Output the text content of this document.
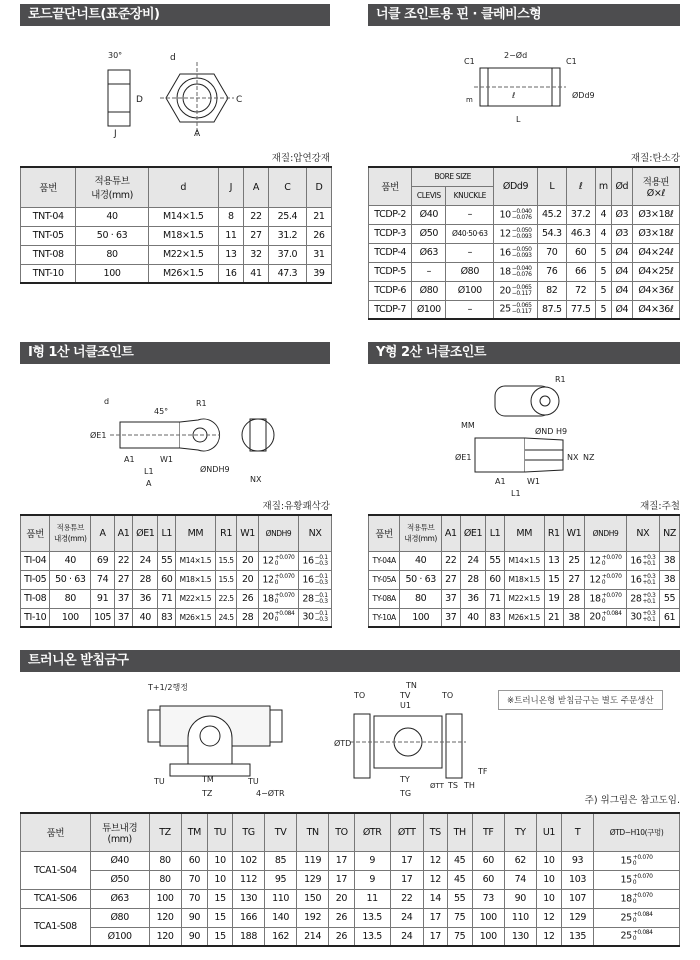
로드끝단너트(표준장비)
30°
D
J
d
C
A
재질:압연강재
품번	적용튜브
내경(mm)	d	J	A	C	D
TNT-04	40	M14×1.5	8	22	25.4	21
TNT-05	50 · 63	M18×1.5	11	27	31.2	26
TNT-08	80	M22×1.5	13	32	37.0	31
TNT-10	100	M26×1.5	16	41	47.3	39
너클 조인트용 핀 · 클레비스형
C1	C1
2−Ød
ℓ
m
L
ØDd9
재질:탄소강
품번	BORE SIZE		ØDd9	L	ℓ	m	Ød	적용핀
Ø×ℓ
	CLEVIS	KNUCKLE						
TCDP-2	Ø40	–	10 −0.040
−0.076	45.2	37.2	4	Ø3	Ø3×18ℓ
TCDP-3	Ø50	Ø40·50·63	12 −0.050
−0.093	54.3	46.3	4	Ø3	Ø3×18ℓ
TCDP-4	Ø63	–	16 −0.050
−0.093	70	60	5	Ø4	Ø4×24ℓ
TCDP-5	–	Ø80	18 −0.040
−0.076	76	66	5	Ø4	Ø4×25ℓ
TCDP-6	Ø80	Ø100	20 −0.065
−0.117	82	72	5	Ø4	Ø4×36ℓ
TCDP-7	Ø100	–	25 −0.065
−0.117	87.5	77.5	5	Ø4	Ø4×36ℓ
I형 1산 너클조인트
d
45°
R1
ØE1
A1	W1
L1
A
ØNDH9
NX
재질:유황쾌삭강
품번	적용튜브
내경(mm)	A	A1	ØE1	L1	MM	R1	W1	ØNDH9	NX
TI-04	40	69	22	24	55	M14×1.5	15.5	20	12 +0.070
0	16 −0.1
−0.3

TI-05	50 · 63	74	27	28	60	M18×1.5	15.5	20	12 +0.070
0	16 −0.1
−0.3

TI-08	80	91	37	36	71	M22×1.5	22.5	26	18 +0.070
0	28 −0.1
−0.3

TI-10	100	105	37	40	83	M26×1.5	24.5	28	20 +0.084
0	30 −0.1
−0.3
Y형 2산 너클조인트
R1
MM
ØE1
ØND H9
NX NZ
A1	W1
L1
재질:주철
품번	적용튜브
내경(mm)	A1	ØE1	L1	MM	R1	W1	ØNDH9	NX	NZ
TY-04A	40	22	24	55	M14×1.5	13	25	12 +0.070
0	16 +0.3
+0.1	38
TY-05A	50 · 63	27	28	60	M18×1.5	15	27	12 +0.070
0	16 +0.3
+0.1	38
TY-08A	80	37	36	71	M22×1.5	19	28	18 +0.070
0	28 +0.3
+0.1	55
TY-10A	100	37	40	83	M26×1.5	21	38	20 +0.084
0	30 +0.3
+0.1	61
트러니온 받침금구
T+1/2행정
TU	TU
TM
TZ	4−ØTR
TN
TO	TV	TO
U1
ØTD
TY
TG
TS TH
TF
ØTT
※트러니온형 받침금구는 별도 주문생산
주) 위그림은 참고도임.
품번	튜브내경
(mm)	TZ	TM	TU	TG	TV	TN	TO	ØTR	ØTT	TS	TH	TF	TY	U1	T	ØTD−H10(구멍)
TCA1-S04	Ø40	80	60	10	102	85	119	17	9	17	12	45	60	62	10	93	15 +0.070
0

	Ø50	80	70	10	112	95	129	17	9	17	12	45	60	74	10	103	15 +0.070
0

TCA1-S06	Ø63	100	70	15	130	110	150	20	11	22	14	55	73	90	10	107	18 +0.070
0

TCA1-S08	Ø80	120	90	15	166	140	192	26	13.5	24	17	75	100	110	12	129	25 +0.084
0

	Ø100	120	90	15	188	162	214	26	13.5	24	17	75	100	130	12	135	25 +0.084
0
